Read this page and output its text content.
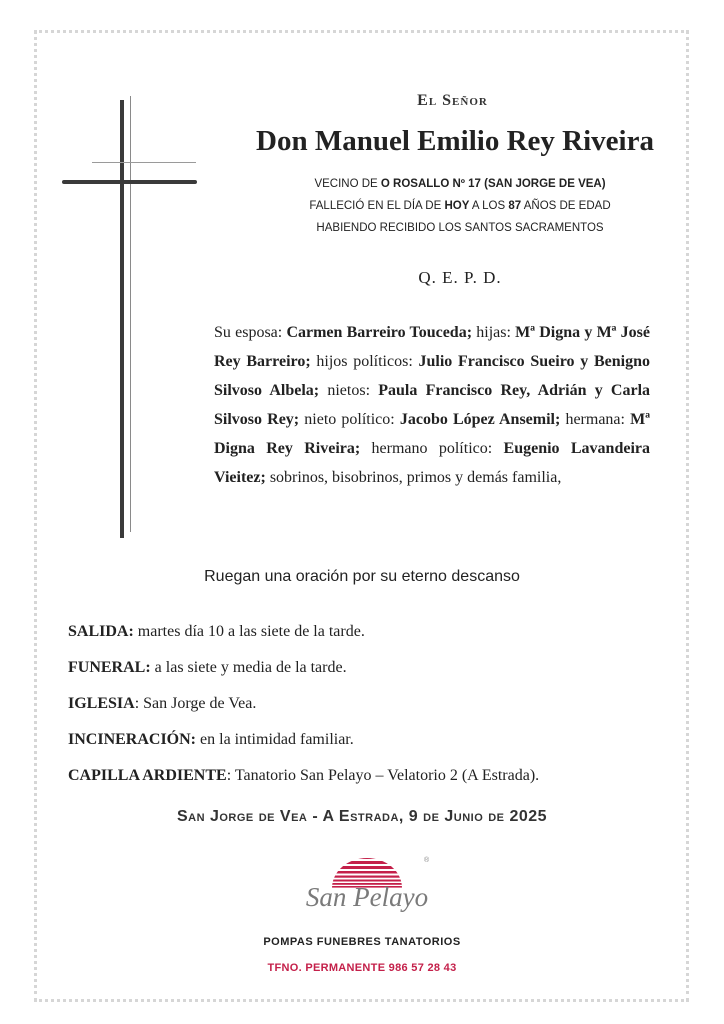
El Señor
Don Manuel Emilio Rey Riveira
VECINO DE O ROSALLO Nº 17 (SAN JORGE DE VEA)
FALLECIÓ EN EL DÍA DE HOY A LOS 87 AÑOS DE EDAD
HABIENDO RECIBIDO LOS SANTOS SACRAMENTOS
Q. E. P. D.
Su esposa: Carmen Barreiro Touceda; hijas: Mª Digna y Mª José Rey Barreiro; hijos políticos: Julio Francisco Sueiro y Benigno Silvoso Albela; nietos: Paula Francisco Rey, Adrián y Carla Silvoso Rey; nieto político: Jacobo López Ansemil; hermana: Mª Digna Rey Riveira; hermano político: Eugenio Lavandeira Vieitez; sobrinos, bisobrinos, primos y demás familia,
Ruegan una oración por su eterno descanso
SALIDA: martes día 10 a las siete de la tarde.
FUNERAL: a las siete y media de la tarde.
IGLESIA: San Jorge de Vea.
INCINERACIÓN: en la intimidad familiar.
CAPILLA ARDIENTE: Tanatorio San Pelayo – Velatorio 2 (A Estrada).
San Jorge de Vea - A Estrada, 9 de Junio de 2025
®
San Pelayo
POMPAS FUNEBRES TANATORIOS
TFNO. PERMANENTE 986 57 28 43
